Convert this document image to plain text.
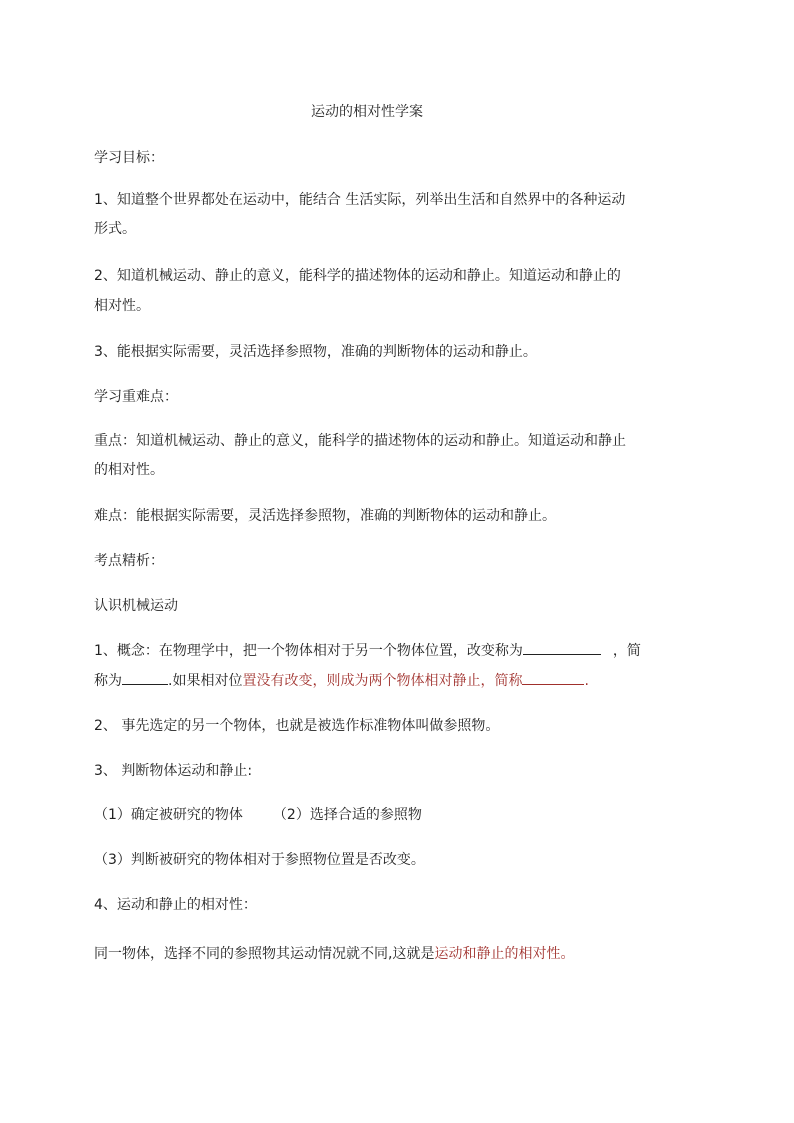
运动的相对性学案
学习目标：
1、知道整个世界都处在运动中，能结合 生活实际，列举出生活和自然界中的各种运动
形式。
2、知道机械运动、静止的意义，能科学的描述物体的运动和静止。知道运动和静止的
相对性。
3、能根据实际需要，灵活选择参照物，准确的判断物体的运动和静止。
学习重难点：
重点：知道机械运动、静止的意义，能科学的描述物体的运动和静止。知道运动和静止
的相对性。
难点：能根据实际需要，灵活选择参照物，准确的判断物体的运动和静止。
考点精析：
认识机械运动
1、概念：在物理学中，把一个物体相对于另一个物体位置，改变称为	，简
称为	.如果相对位置没有改变，则成为两个物体相对静止，简称	.
2、 事先选定的另一个物体，也就是被选作标准物体叫做参照物。
3、 判断物体运动和静止:
（1）确定被研究的物体 （2）选择合适的参照物
（3）判断被研究的物体相对于参照物位置是否改变。
4、运动和静止的相对性：
同一物体，选择不同的参照物其运动情况就不同,这就是运动和静止的相对性。
